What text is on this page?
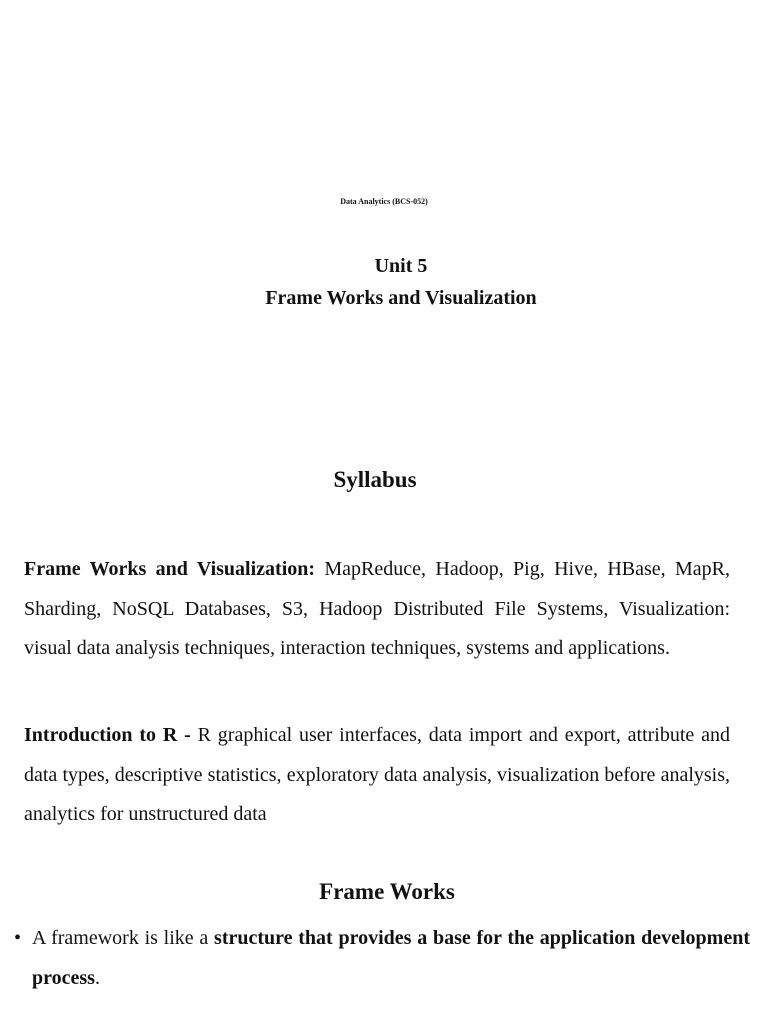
Data Analytics (BCS-052)
Unit 5
Frame Works and Visualization
Syllabus

Frame Works and Visualization: MapReduce, Hadoop, Pig, Hive, HBase, MapR, Sharding, NoSQL Databases, S3, Hadoop Distributed File Systems, Visualization: visual data analysis techniques, interaction techniques, systems and applications.

Introduction to R - R graphical user interfaces, data import and export, attribute and data types, descriptive statistics, exploratory data analysis, visualization before analysis, analytics for unstructured data

Frame Works
• A framework is like a structure that provides a base for the application development process.
